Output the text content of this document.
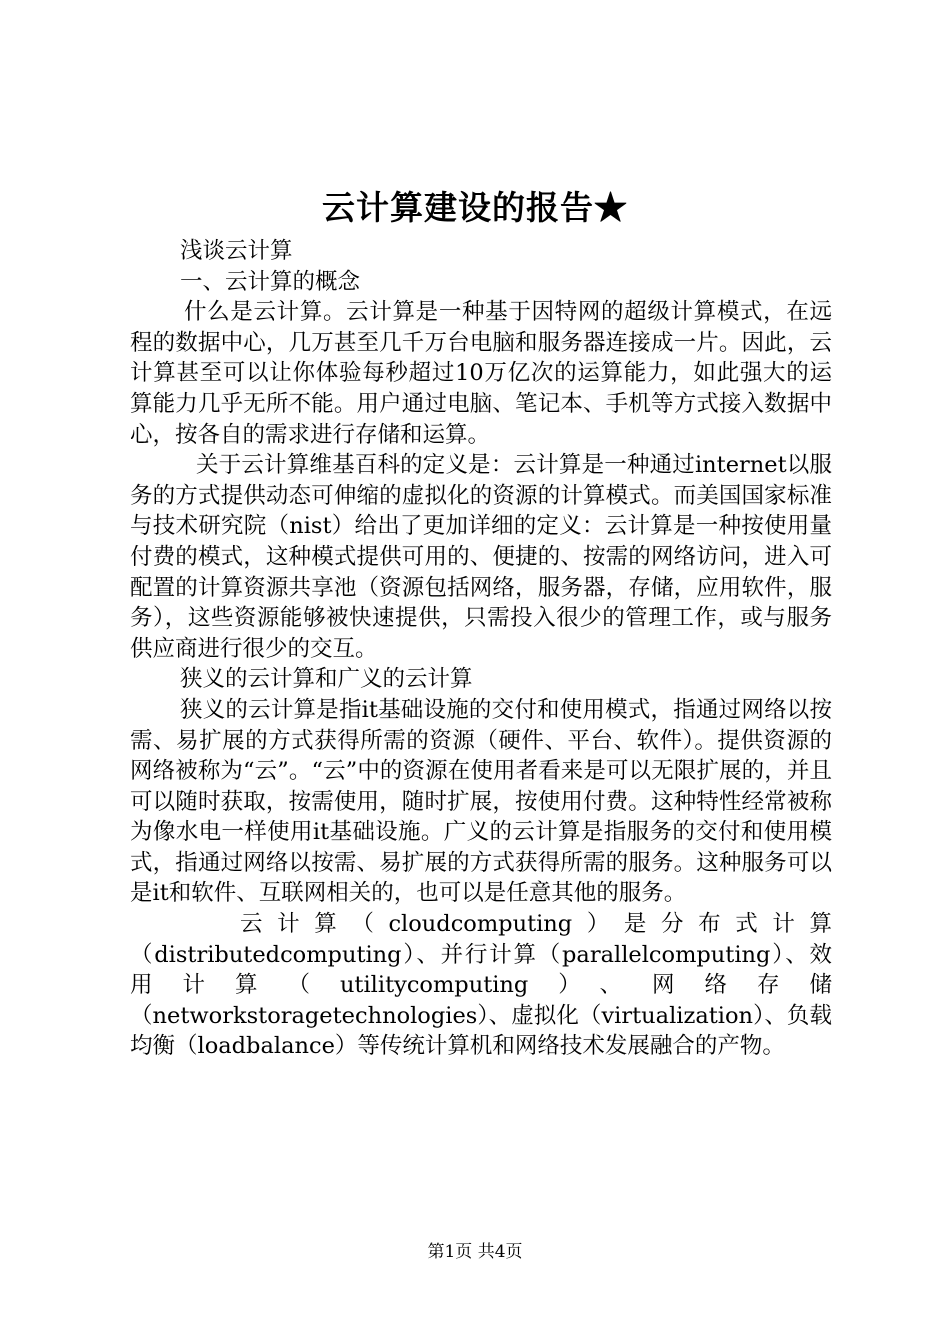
云计算建设的报告★

浅谈云计算

一、云计算的概念

什么是云计算。云计算是一种基于因特网的超级计算模式，在远程的数据中心，几万甚至几千万台电脑和服务器连接成一片。因此，云计算甚至可以让你体验每秒超过10万亿次的运算能力，如此强大的运算能力几乎无所不能。用户通过电脑、笔记本、手机等方式接入数据中心，按各自的需求进行存储和运算。

关于云计算维基百科的定义是：云计算是一种通过internet以服务的方式提供动态可伸缩的虚拟化的资源的计算模式。而美国国家标准与技术研究院（nist）给出了更加详细的定义：云计算是一种按使用量付费的模式，这种模式提供可用的、便捷的、按需的网络访问，进入可配置的计算资源共享池（资源包括网络，服务器，存储，应用软件，服务），这些资源能够被快速提供，只需投入很少的管理工作，或与服务供应商进行很少的交互。

狭义的云计算和广义的云计算

狭义的云计算是指it基础设施的交付和使用模式，指通过网络以按需、易扩展的方式获得所需的资源（硬件、平台、软件）。提供资源的网络被称为“云”。“云”中的资源在使用者看来是可以无限扩展的，并且可以随时获取，按需使用，随时扩展，按使用付费。这种特性经常被称为像水电一样使用it基础设施。广义的云计算是指服务的交付和使用模式，指通过网络以按需、易扩展的方式获得所需的服务。这种服务可以是it和软件、互联网相关的，也可以是任意其他的服务。

云计算（cloudcomputing）是分布式计算（distributedcomputing）、并行计算（parallelcomputing）、效用计算（utilitycomputing）、网络存储（networkstoragetechnologies）、虚拟化（virtualization）、负载均衡（loadbalance）等传统计算机和网络技术发展融合的产物。

第1页 共4页
